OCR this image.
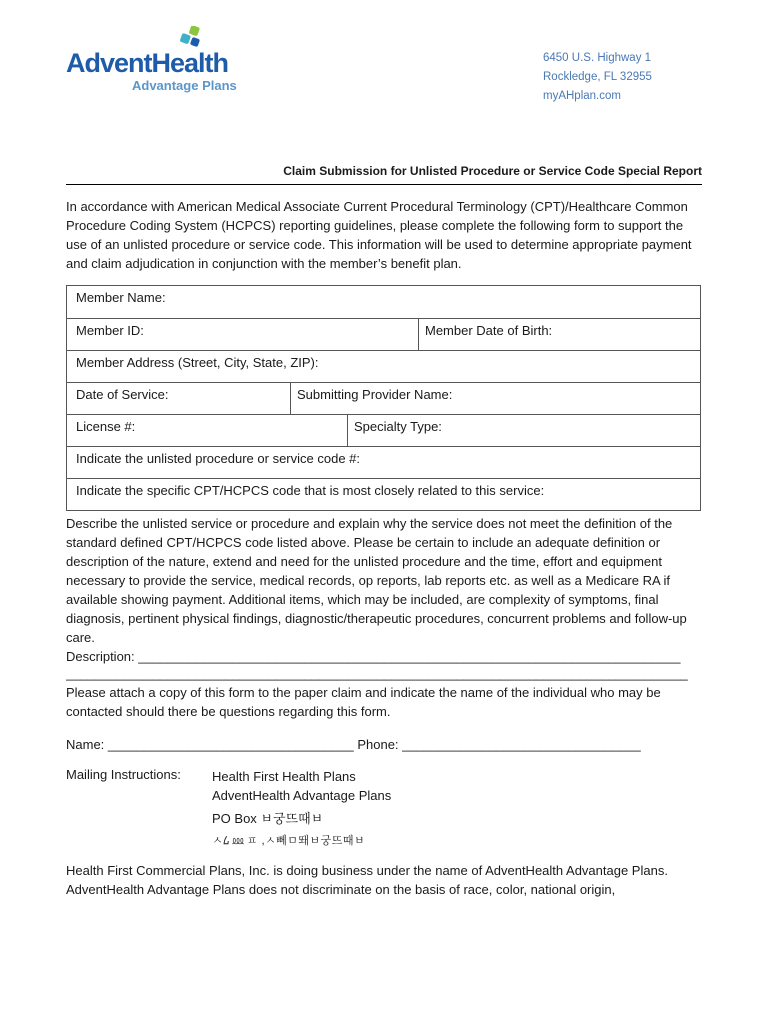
AdventHealth
Advantage Plans
6450 U.S. Highway 1
Rockledge, FL 32955
myAHplan.com
Claim Submission for Unlisted Procedure or Service Code Special Report

In accordance with American Medical Associate Current Procedural Terminology (CPT)/Healthcare Common Procedure Coding System (HCPCS) reporting guidelines, please complete the following form to support the use of an unlisted procedure or service code. This information will be used to determine appropriate payment and claim adjudication in conjunction with the member’s benefit plan.

Member Name:
Member ID:	Member Date of Birth:
Member Address (Street, City, State, ZIP):
Date of Service:	Submitting Provider Name:
License #:	Specialty Type:
Indicate the unlisted procedure or service code #:
Indicate the specific CPT/HCPCS code that is most closely related to this service:

Describe the unlisted service or procedure and explain why the service does not meet the definition of the standard defined CPT/HCPCS code listed above. Please be certain to include an adequate definition or description of the nature, extend and need for the unlisted procedure and the time, effort and equipment necessary to provide the service, medical records, op reports, lab reports etc. as well as a Medicare RA if available showing payment. Additional items, which may be included, are complexity of symptoms, final diagnosis, pertinent physical findings, diagnostic/therapeutic procedures, concurrent problems and follow-up care.

Description: ___________________________________________________________________________
______________________________________________________________________________________

Please attach a copy of this form to the paper claim and indicate the name of the individual who may be contacted should there be questions regarding this form.

Name: __________________________________ Phone: _________________________________
Mailing Instructions: Health First Health Plans
AdventHealth Advantage Plans
PO Box ㅂ궁뜨때ㅂ
ㅅ᠘ ⅏ ㅍ ,ㅅ뻬ㅁ뙈ㅂ궁뜨때ㅂ

Health First Commercial Plans, Inc. is doing business under the name of AdventHealth Advantage Plans. AdventHealth Advantage Plans does not discriminate on the basis of race, color, national origin,
